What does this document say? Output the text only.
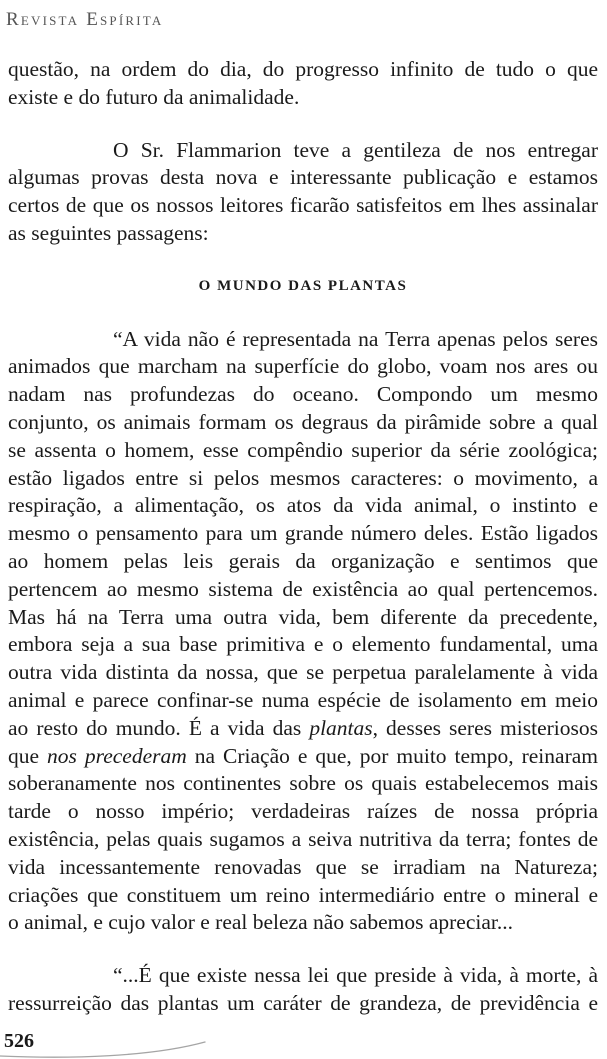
Revista Espírita
questão, na ordem do dia, do progresso infinito de tudo o que
existe e do futuro da animalidade.
O Sr. Flammarion teve a gentileza de nos entregar
algumas provas desta nova e interessante publicação e estamos
certos de que os nossos leitores ficarão satisfeitos em lhes assinalar
as seguintes passagens:
O MUNDO DAS PLANTAS
“A vida não é representada na Terra apenas pelos seres
animados que marcham na superfície do globo, voam nos ares ou
nadam nas profundezas do oceano. Compondo um mesmo
conjunto, os animais formam os degraus da pirâmide sobre a qual
se assenta o homem, esse compêndio superior da série zoológica;
estão ligados entre si pelos mesmos caracteres: o movimento, a
respiração, a alimentação, os atos da vida animal, o instinto e
mesmo o pensamento para um grande número deles. Estão ligados
ao homem pelas leis gerais da organização e sentimos que
pertencem ao mesmo sistema de existência ao qual pertencemos.
Mas há na Terra uma outra vida, bem diferente da precedente,
embora seja a sua base primitiva e o elemento fundamental, uma
outra vida distinta da nossa, que se perpetua paralelamente à vida
animal e parece confinar-se numa espécie de isolamento em meio
ao resto do mundo. É a vida das plantas, desses seres misteriosos
que nos precederam na Criação e que, por muito tempo, reinaram
soberanamente nos continentes sobre os quais estabelecemos mais
tarde o nosso império; verdadeiras raízes de nossa própria
existência, pelas quais sugamos a seiva nutritiva da terra; fontes de
vida incessantemente renovadas que se irradiam na Natureza;
criações que constituem um reino intermediário entre o mineral e
o animal, e cujo valor e real beleza não sabemos apreciar...
“...É que existe nessa lei que preside à vida, à morte, à
ressurreição das plantas um caráter de grandeza, de previdência e
526
